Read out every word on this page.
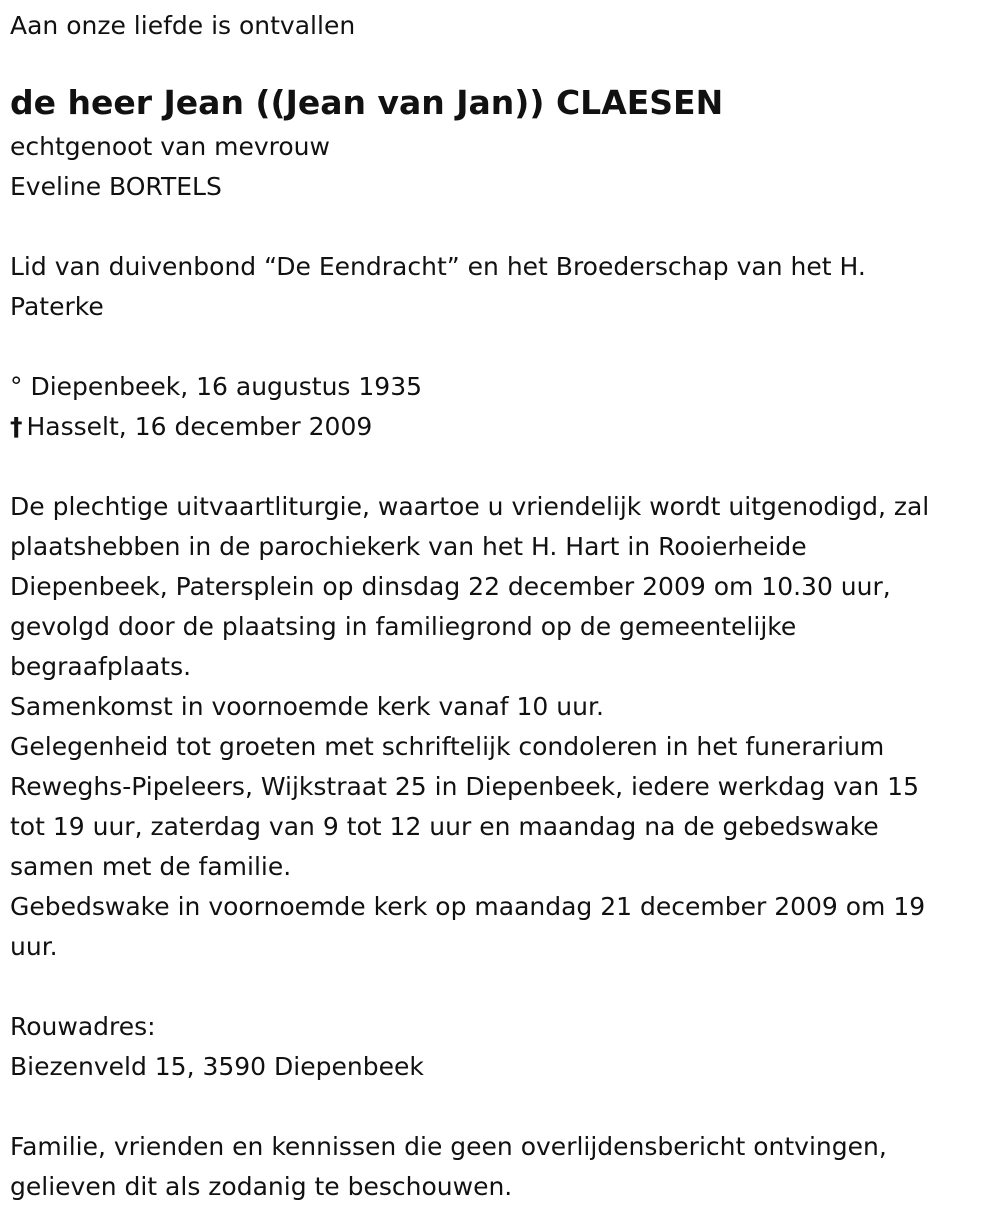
Aan onze liefde is ontvallen

de heer Jean ((Jean van Jan)) CLAESEN

echtgenoot van mevrouw

Eveline BORTELS

Lid van duivenbond “De Eendracht” en het Broederschap van het H.

Paterke

° Diepenbeek, 16 augustus 1935

† Hasselt, 16 december 2009

De plechtige uitvaartliturgie, waartoe u vriendelijk wordt uitgenodigd, zal

plaatshebben in de parochiekerk van het H. Hart in Rooierheide

Diepenbeek, Patersplein op dinsdag 22 december 2009 om 10.30 uur,

gevolgd door de plaatsing in familiegrond op de gemeentelijke

begraafplaats.

Samenkomst in voornoemde kerk vanaf 10 uur.

Gelegenheid tot groeten met schriftelijk condoleren in het funerarium

Reweghs-Pipeleers, Wijkstraat 25 in Diepenbeek, iedere werkdag van 15

tot 19 uur, zaterdag van 9 tot 12 uur en maandag na de gebedswake

samen met de familie.

Gebedswake in voornoemde kerk op maandag 21 december 2009 om 19

uur.

Rouwadres:

Biezenveld 15, 3590 Diepenbeek

Familie, vrienden en kennissen die geen overlijdensbericht ontvingen,

gelieven dit als zodanig te beschouwen.
